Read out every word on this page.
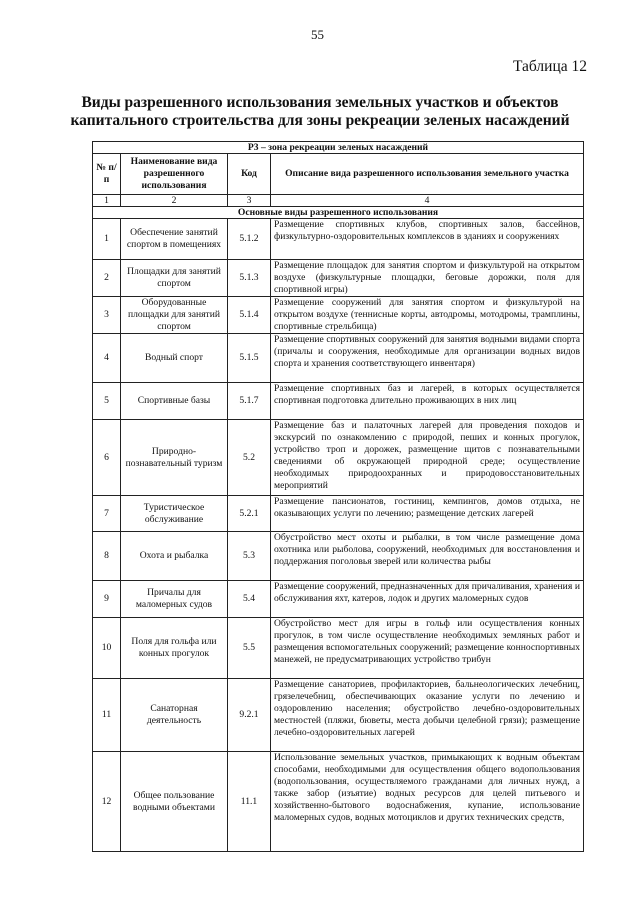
55
Таблица 12
Виды разрешенного использования земельных участков и объектов капитального строительства для зоны рекреации зеленых насаждений
Р3 – зона рекреации зеленых насаждений			
№ п/п	Наименование вида разрешенного использования	Код	Описание вида разрешенного использования земельного участка
1	2	3	4
Основные виды разрешенного использования			
1	Обеспечение занятий спортом в помещениях	5.1.2	Размещение спортивных клубов, спортивных залов, бассейнов, физкультурно-оздоровительных комплексов в зданиях и сооружениях
2	Площадки для занятий спортом	5.1.3	Размещение площадок для занятия спортом и физкультурой на открытом воздухе (физкультурные площадки, беговые дорожки, поля для спортивной игры)
3	Оборудованные площадки для занятий спортом	5.1.4	Размещение сооружений для занятия спортом и физкультурой на открытом воздухе (теннисные корты, автодромы, мотодромы, трамплины, спортивные стрельбища)
4	Водный спорт	5.1.5	Размещение спортивных сооружений для занятия водными видами спорта (причалы и сооружения, необходимые для организации водных видов спорта и хранения соответствующего инвентаря)
5	Спортивные базы	5.1.7	Размещение спортивных баз и лагерей, в которых осуществляется спортивная подготовка длительно проживающих в них лиц
6	Природно-познавательный туризм	5.2	Размещение баз и палаточных лагерей для проведения походов и экскурсий по ознакомлению с природой, пеших и конных прогулок, устройство троп и дорожек, размещение щитов с познавательными сведениями об окружающей природной среде; осуществление необходимых природоохранных и природовосстановительных мероприятий
7	Туристическое обслуживание	5.2.1	Размещение пансионатов, гостиниц, кемпингов, домов отдыха, не оказывающих услуги по лечению; размещение детских лагерей
8	Охота и рыбалка	5.3	Обустройство мест охоты и рыбалки, в том числе размещение дома охотника или рыболова, сооружений, необходимых для восстановления и поддержания поголовья зверей или количества рыбы
9	Причалы для маломерных судов	5.4	Размещение сооружений, предназначенных для причаливания, хранения и обслуживания яхт, катеров, лодок и других маломерных судов
10	Поля для гольфа или конных прогулок	5.5	Обустройство мест для игры в гольф или осуществления конных прогулок, в том числе осуществление необходимых земляных работ и размещения вспомогательных сооружений; размещение конноспортивных манежей, не предусматривающих устройство трибун
11	Санаторная деятельность	9.2.1	Размещение санаториев, профилакториев, бальнеологических лечебниц, грязелечебниц, обеспечивающих оказание услуги по лечению и оздоровлению населения; обустройство лечебно-оздоровительных местностей (пляжи, бюветы, места добычи целебной грязи); размещение лечебно-оздоровительных лагерей
12	Общее пользование водными объектами	11.1	Использование земельных участков, примыкающих к водным объектам способами, необходимыми для осуществления общего водопользования (водопользования, осуществляемого гражданами для личных нужд, а также забор (изъятие) водных ресурсов для целей питьевого и хозяйственно-бытового водоснабжения, купание, использование маломерных судов, водных мотоциклов и других технических средств,
